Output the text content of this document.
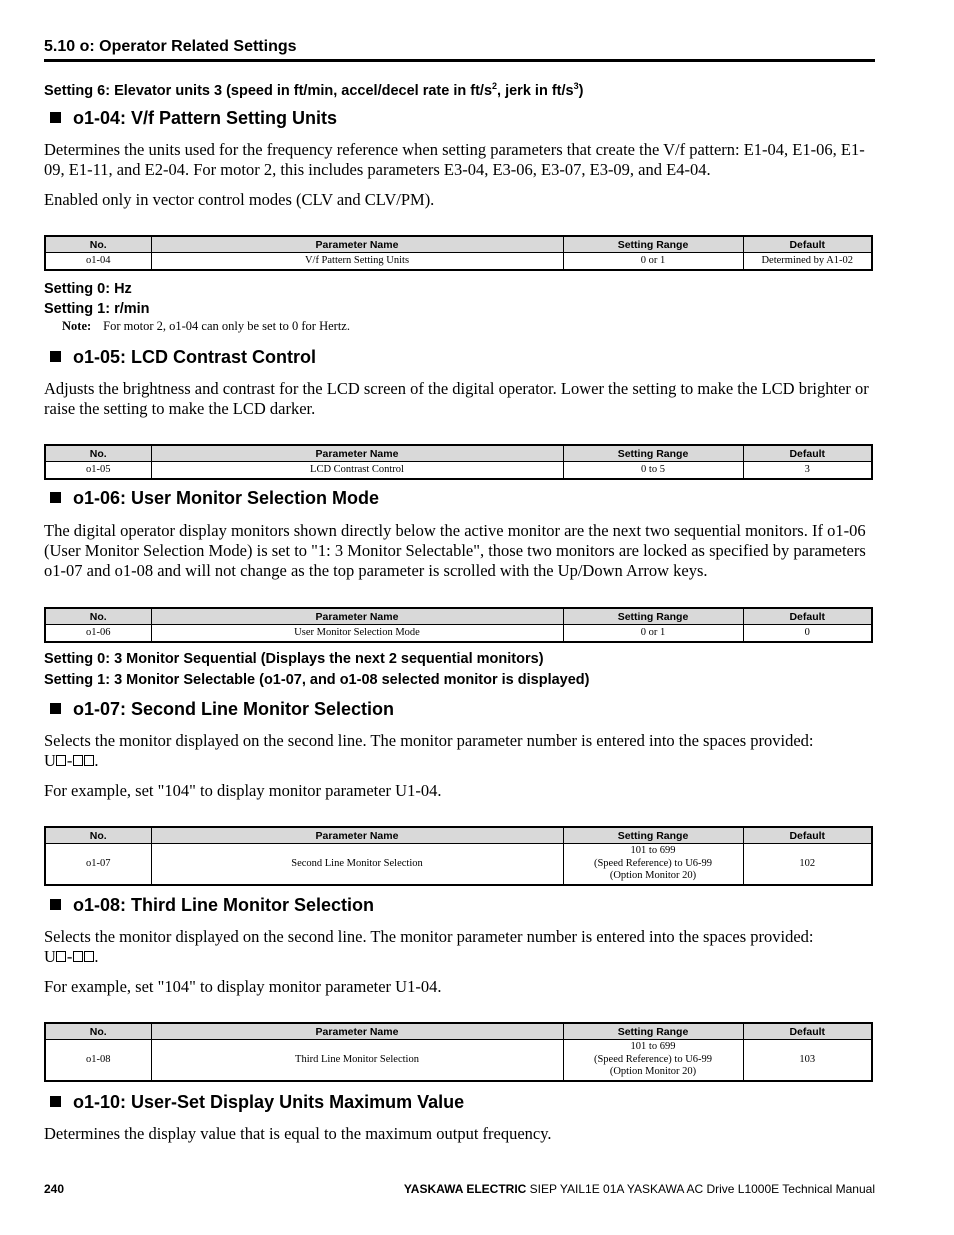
5.10 o: Operator Related Settings
Setting 6: Elevator units 3 (speed in ft/min, accel/decel rate in $ft/s^2$, jerk in $ft/s^3$)
o1-04: V/f Pattern Setting Units
Determines the units used for the frequency reference when setting parameters that create the V/f pattern: E1-04, E1-06, E1-09, E1-11, and E2-04. For motor 2, this includes parameters E3-04, E3-06, E3-07, E3-09, and E4-04.
Enabled only in vector control modes (CLV and CLV/PM).
No.	Parameter Name	Setting Range	Default
o1-04	V/f Pattern Setting Units	0 or 1	Determined by A1-02
Setting 0: Hz
Setting 1: r/min
Note: For motor 2, o1-04 can only be set to 0 for Hertz.
o1-05: LCD Contrast Control
Adjusts the brightness and contrast for the LCD screen of the digital operator. Lower the setting to make the LCD brighter or raise the setting to make the LCD darker.
No.	Parameter Name	Setting Range	Default
o1-05	LCD Contrast Control	0 to 5	3
o1-06: User Monitor Selection Mode
The digital operator display monitors shown directly below the active monitor are the next two sequential monitors. If o1-06 (User Monitor Selection Mode) is set to "1: 3 Monitor Selectable", those two monitors are locked as specified by parameters o1-07 and o1-08 and will not change as the top parameter is scrolled with the Up/Down Arrow keys.
No.	Parameter Name	Setting Range	Default
o1-06	User Monitor Selection Mode	0 or 1	0
Setting 0: 3 Monitor Sequential (Displays the next 2 sequential monitors)
Setting 1: 3 Monitor Selectable (o1-07, and o1-08 selected monitor is displayed)
o1-07: Second Line Monitor Selection
Selects the monitor displayed on the second line. The monitor parameter number is entered into the spaces provided:
U - .
For example, set "104" to display monitor parameter U1-04.
No.	Parameter Name	Setting Range	Default
o1-07	Second Line Monitor Selection	101 to 699
(Speed Reference) to U6-99
(Option Monitor 20)	102
o1-08: Third Line Monitor Selection
Selects the monitor displayed on the second line. The monitor parameter number is entered into the spaces provided:
U - .
For example, set "104" to display monitor parameter U1-04.
No.	Parameter Name	Setting Range	Default
o1-08	Third Line Monitor Selection	101 to 699
(Speed Reference) to U6-99
(Option Monitor 20)	103
o1-10: User-Set Display Units Maximum Value
Determines the display value that is equal to the maximum output frequency.
240	YASKAWA ELECTRIC SIEP YAIL1E 01A YASKAWA AC Drive L1000E Technical Manual
